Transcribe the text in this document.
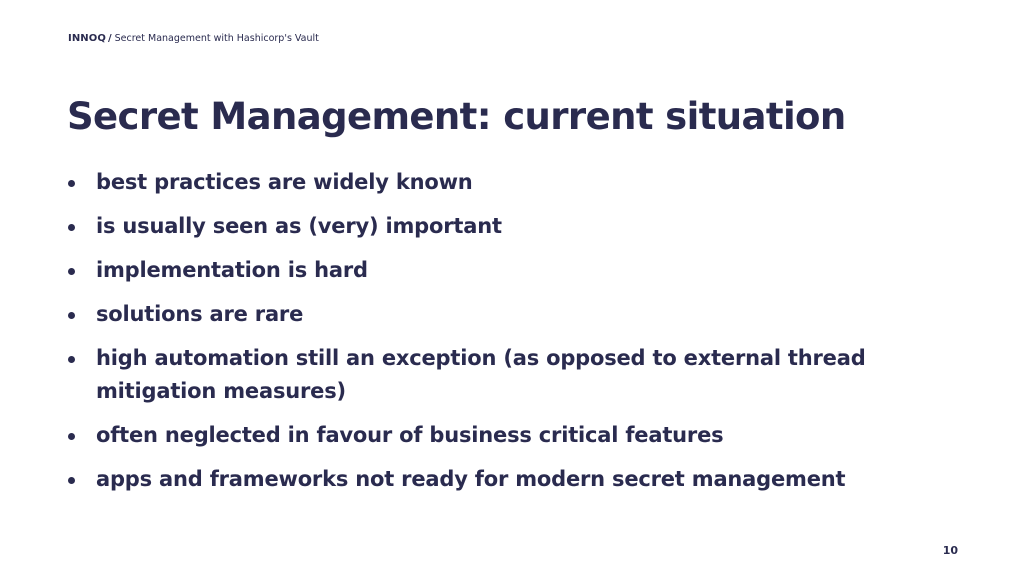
INNOQ / Secret Management with Hashicorp's Vault
Secret Management: current situation
best practices are widely known
is usually seen as (very) important
implementation is hard
solutions are rare
high automation still an exception (as opposed to external thread mitigation measures)
often neglected in favour of business critical features
apps and frameworks not ready for modern secret management
10
